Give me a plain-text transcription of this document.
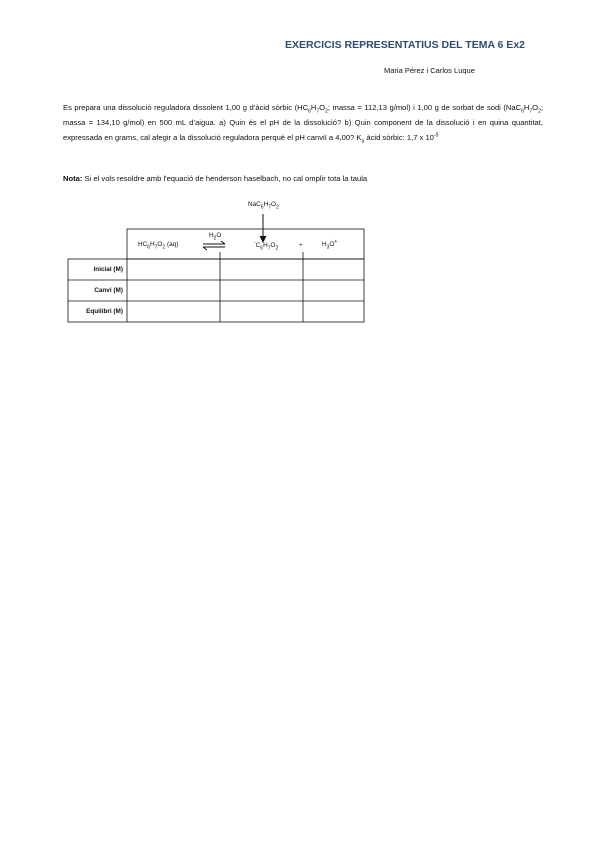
EXERCICIS REPRESENTATIUS DEL TEMA 6 Ex2
Maria Pérez i Carlos Luque
Es prepara una dissolució reguladora dissolent 1,00 g d’àcid sòrbic ($HC_6H_7O_2$; massa = 112,13 g/mol) i 1,00 g de sorbat de sodi ($NaC_6H_7O_2$; massa = 134,10 g/mol) en 500 mL d’aigua. a) Quin és el pH de la dissolució? b) Quin component de la dissolució i en quina quantitat, expressada en grams, cal afegir a la dissolució reguladora perquè el pH canviï a 4,00? $K_a$ àcid sòrbic: 1,7 x $10^{-5}$
Nota: Si el vols resoldre amb l'equació de henderson haselbach, no cal omplir tota la taula
$NaC_6H_7O_2$
$HC_6H_7O_2$ (aq)
$H_2O$
$^-C_6H_7O_2$	+	$H_3O^+$
Inicial (M)
Canvi (M)
Equilibri (M)
